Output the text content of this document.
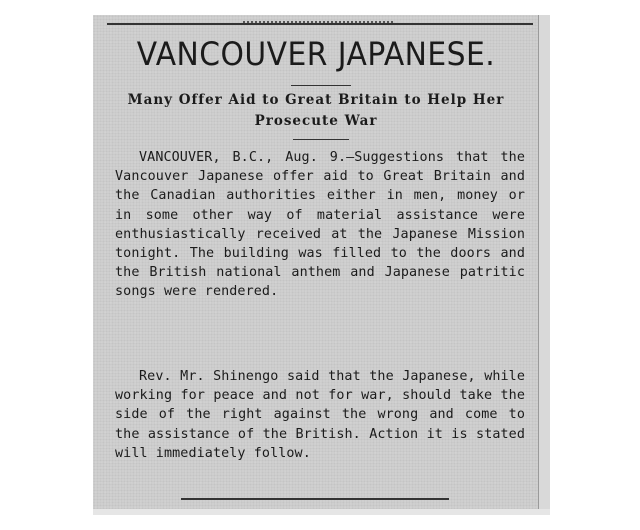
VANCOUVER JAPANESE.
Many Offer Aid to Great Britain to Help Her Prosecute War

VANCOUVER, B.C., Aug. 9.—Suggestions that the Vancouver Japanese offer aid to Great Britain and the Canadian authorities either in men, money or in some other way of material assistance were enthusiastically received at the Japanese Mission tonight. The building was filled to the doors and the British national anthem and Japanese patritic songs were rendered.

Rev. Mr. Shinengo said that the Japanese, while working for peace and not for war, should take the side of the right against the wrong and come to the assistance of the British. Action it is stated will immediately follow.
